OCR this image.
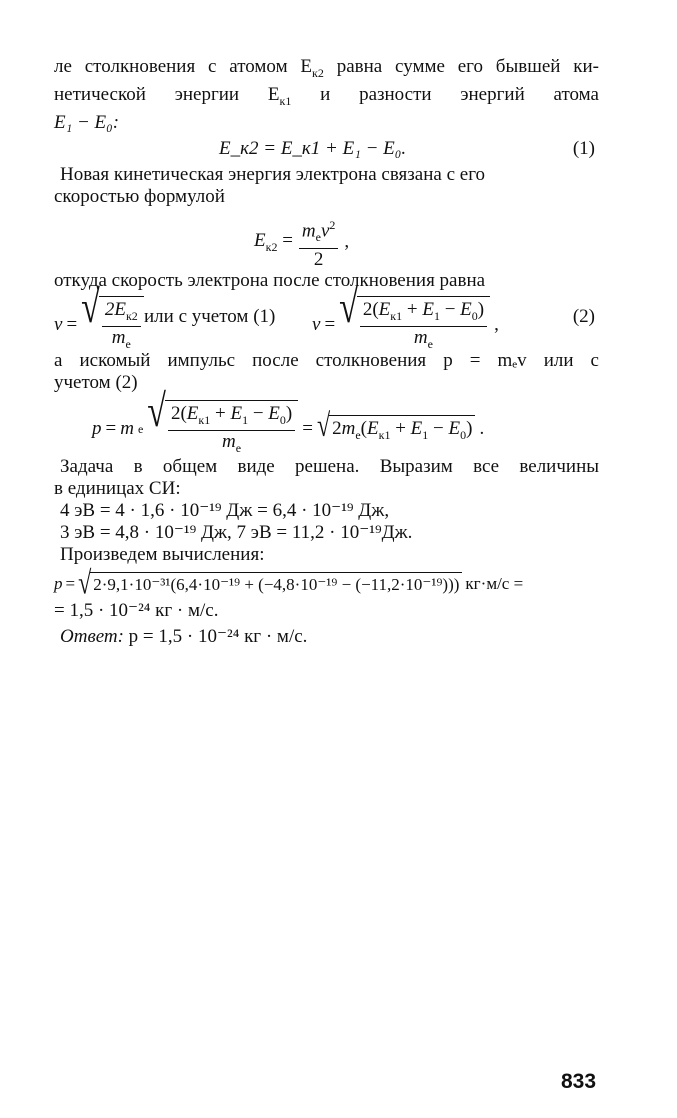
ле столкновения с атомом $E_{к2}$ равна сумме его бывшей ки-
нетической энергии $E_{к1}$ и разности энергий атома
E₁ − E₀:
E_к2 = E_к1 + E₁ − E₀.	(1)
Новая кинетическая энергия электрона связана с его
скоростью формулой
$E_{к2} = \frac{m_ev^2}{2}$ ,
откуда скорость электрона после столкновения равна
v = √ $\frac{2E_{к2}}{m_e}$ или с учетом (1) v = √ $\frac{2(E_{к1} + E_1 - E_0)}{m_e}$ ,	(2)
а искомый импульс после столкновения p = mₑv или с
учетом (2)
p = m e √ $\frac{2(E_{к1} + E_1 - E_0)}{m_e}$ = √ $2m_e(E_{к1} + E_1 - E_0)$ .
Задача в общем виде решена. Выразим все величины
в единицах СИ:
4 эВ = 4 · 1,6 · 10⁻¹⁹ Дж = 6,4 · 10⁻¹⁹ Дж,
3 эВ = 4,8 · 10⁻¹⁹ Дж, 7 эВ = 11,2 · 10⁻¹⁹Дж.
Произведем вычисления:
p = √ 2·9,1·10⁻³¹(6,4·10⁻¹⁹ + (−4,8·10⁻¹⁹ − (−11,2·10⁻¹⁹))) кг·м/с =
= 1,5 · 10⁻²⁴ кг · м/с.
Ответ: p = 1,5 · 10⁻²⁴ кг · м/с.
833
